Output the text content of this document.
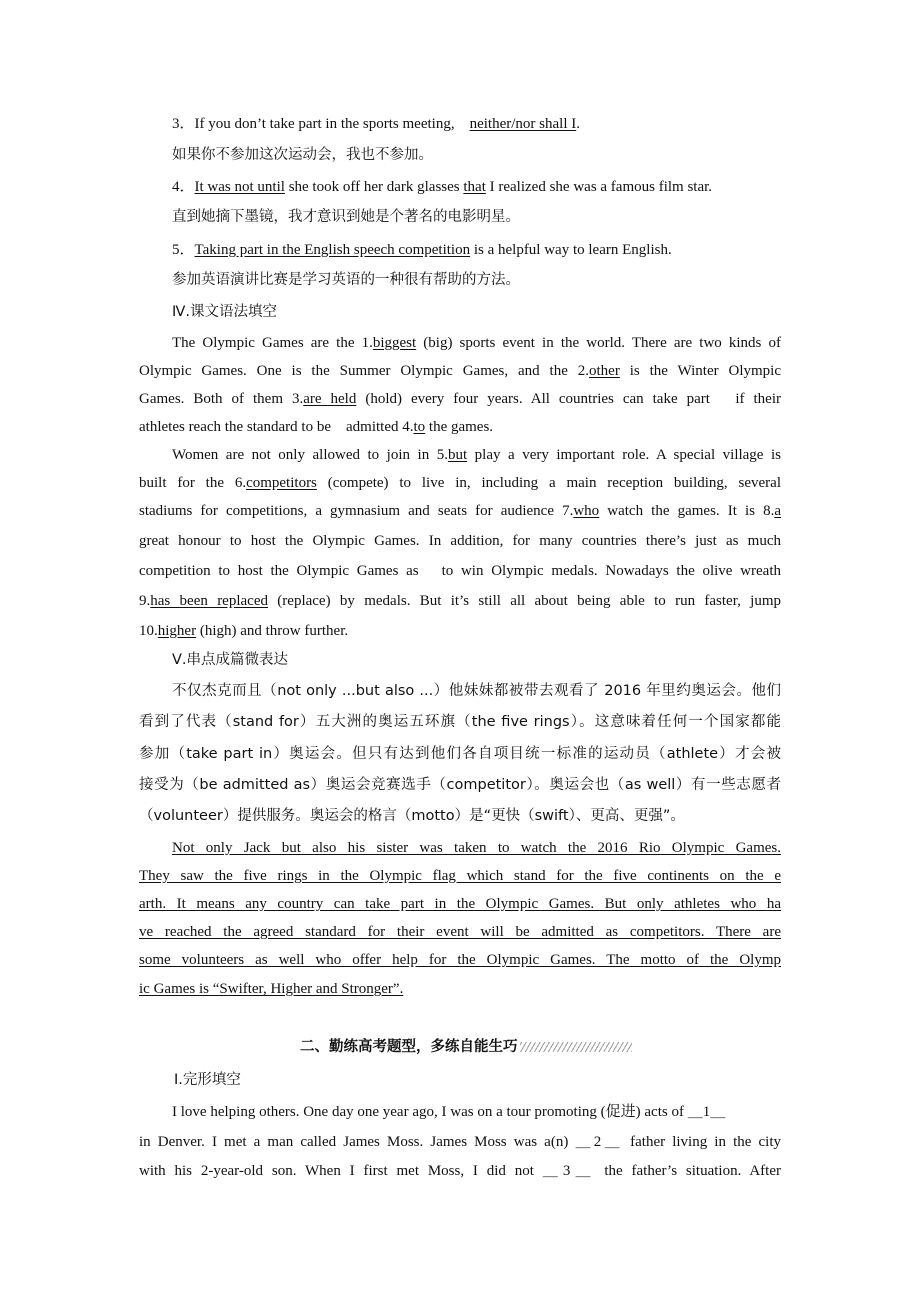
3．If you don’t take part in the sports meeting,　neither/nor shall I.
如果你不参加这次运动会，我也不参加。
4．It was not until she took off her dark glasses that I realized she was a famous film star.
直到她摘下墨镜，我才意识到她是个著名的电影明星。
5．Taking part in the English speech competition is a helpful way to learn English.
参加英语演讲比赛是学习英语的一种很有帮助的方法。
Ⅳ.课文语法填空
The Olympic Games are the 1.biggest (big) sports event in the world. There are two kinds of
Olympic Games. One is the Summer Olympic Games, and the 2.other is the Winter Olympic
Games. Both of them 3.are held (hold) every four years. All countries can take part　if their
athletes reach the standard to be　admitted 4.to the games.
Women are not only allowed to join in 5.but play a very important role. A special village is
built for the 6.competitors (compete) to live in, including a main reception building, several
stadiums for competitions, a gymnasium and seats for audience 7.who watch the games. It is 8.a
great honour to host the Olympic Games. In addition, for many countries there’s just as much
competition to host the Olympic Games as　to win Olympic medals. Nowadays the olive wreath
9.has been replaced (replace) by medals. But it’s still all about being able to run faster, jump
10.higher (high) and throw further.
Ⅴ.串点成篇微表达
不仅杰克而且（not only ...but also ...）他妹妹都被带去观看了 2016 年里约奥运会。他们
看到了代表（stand for）五大洲的奥运五环旗（the five rings）。这意味着任何一个国家都能
参加（take part in）奥运会。但只有达到他们各自项目统一标准的运动员（athlete）才会被
接受为（be admitted as）奥运会竞赛选手（competitor）。奥运会也（as well）有一些志愿者
（volunteer）提供服务。奥运会的格言（motto）是“更快（swift）、更高、更强”。
Not only Jack but also his sister was taken to watch the 2016 Rio Olympic Games.
They saw the five rings in the Olympic flag which stand for the five continents on the e
arth. It means any country can take part in the Olympic Games. But only athletes who ha
ve reached the agreed standard for their event will be admitted as competitors. There are
some volunteers as well who offer help for the Olympic Games. The motto of the Olymp
ic Games is “Swifter, Higher and Stronger”.
二、勤练高考题型，多练自能生巧
Ⅰ.完形填空
I love helping others. One day one year ago, I was on a tour promoting (促进) acts of ＿1＿
in Denver. I met a man called James Moss. James Moss was a(n) ＿2＿ father living in the city
with his 2-year-old son. When I first met Moss, I did not ＿3＿ the father’s situation. After
